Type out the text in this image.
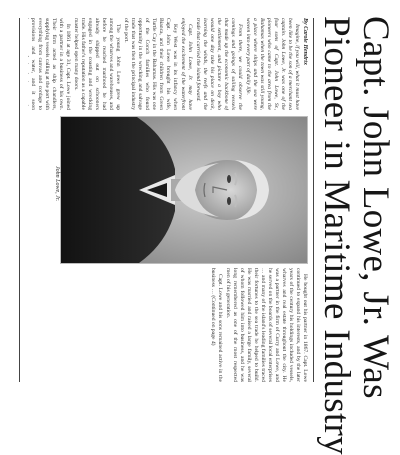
Capt. John Lowe, Jr. Was
Pioneer in Maritime Industry

By Carole Hendrix

Imagine, if you will, what it must have been like to be the son of a merchant sea captain. John Lowe, Jr. was one of the four sons of Capt. John Lowe, Sr., pioneers who came to the area from the Bahamas when the town was still young, a place where ships and the sea were woven into every part of daily life.

From there, we could observe the comings and goings of sailing vessels that made up the economic backbone of the settlement, and picture a boy who would one day take his place on deck, learning the winds, the reefs and the trade that carried the island forward.

Capt. John Lowe, Jr. may have enjoyed the excitement of the waterfront

Key West was in its infancy when Capt. John Lowe brought his wife, Bianca, and their children from Green Turtle Cay in the Bahamas. His was one of the Conch families who found opportunity in the wrecking and salvage trade that was then the principal industry of the port.

The young John Lowe grew up among the wharves and warehouses, and before he reached manhood he had already shipped out on schooners engaged in the coasting and wrecking trade. His father's reputation as a capable master helped open many doors.

In 1861 at age 31, Capt. Lowe joined with a partner in a business of his own. Their firm acted as ship chandlers, supplying vessels calling at the port with everything from canvas and cordage to provisions and water, and it soon

John Lowe, Jr.

He bought out his partner in 1867. Capt. Lowe continued to expand his interests, and by the later years of the century his holdings included vessels, wharves and real estate throughout the city. He was a partner in the firm of Curry and Lowe, and he served on the boards of several local enterprises … and many of the island's leading families traced their fortunes to the sea trade he helped to build. He was married and raised a large family, several of whom followed him into business, and he was long remembered as one of the most respected men of his generation.

Capt. Lowe and his sons remained active in the business … (Continued on page 4)
